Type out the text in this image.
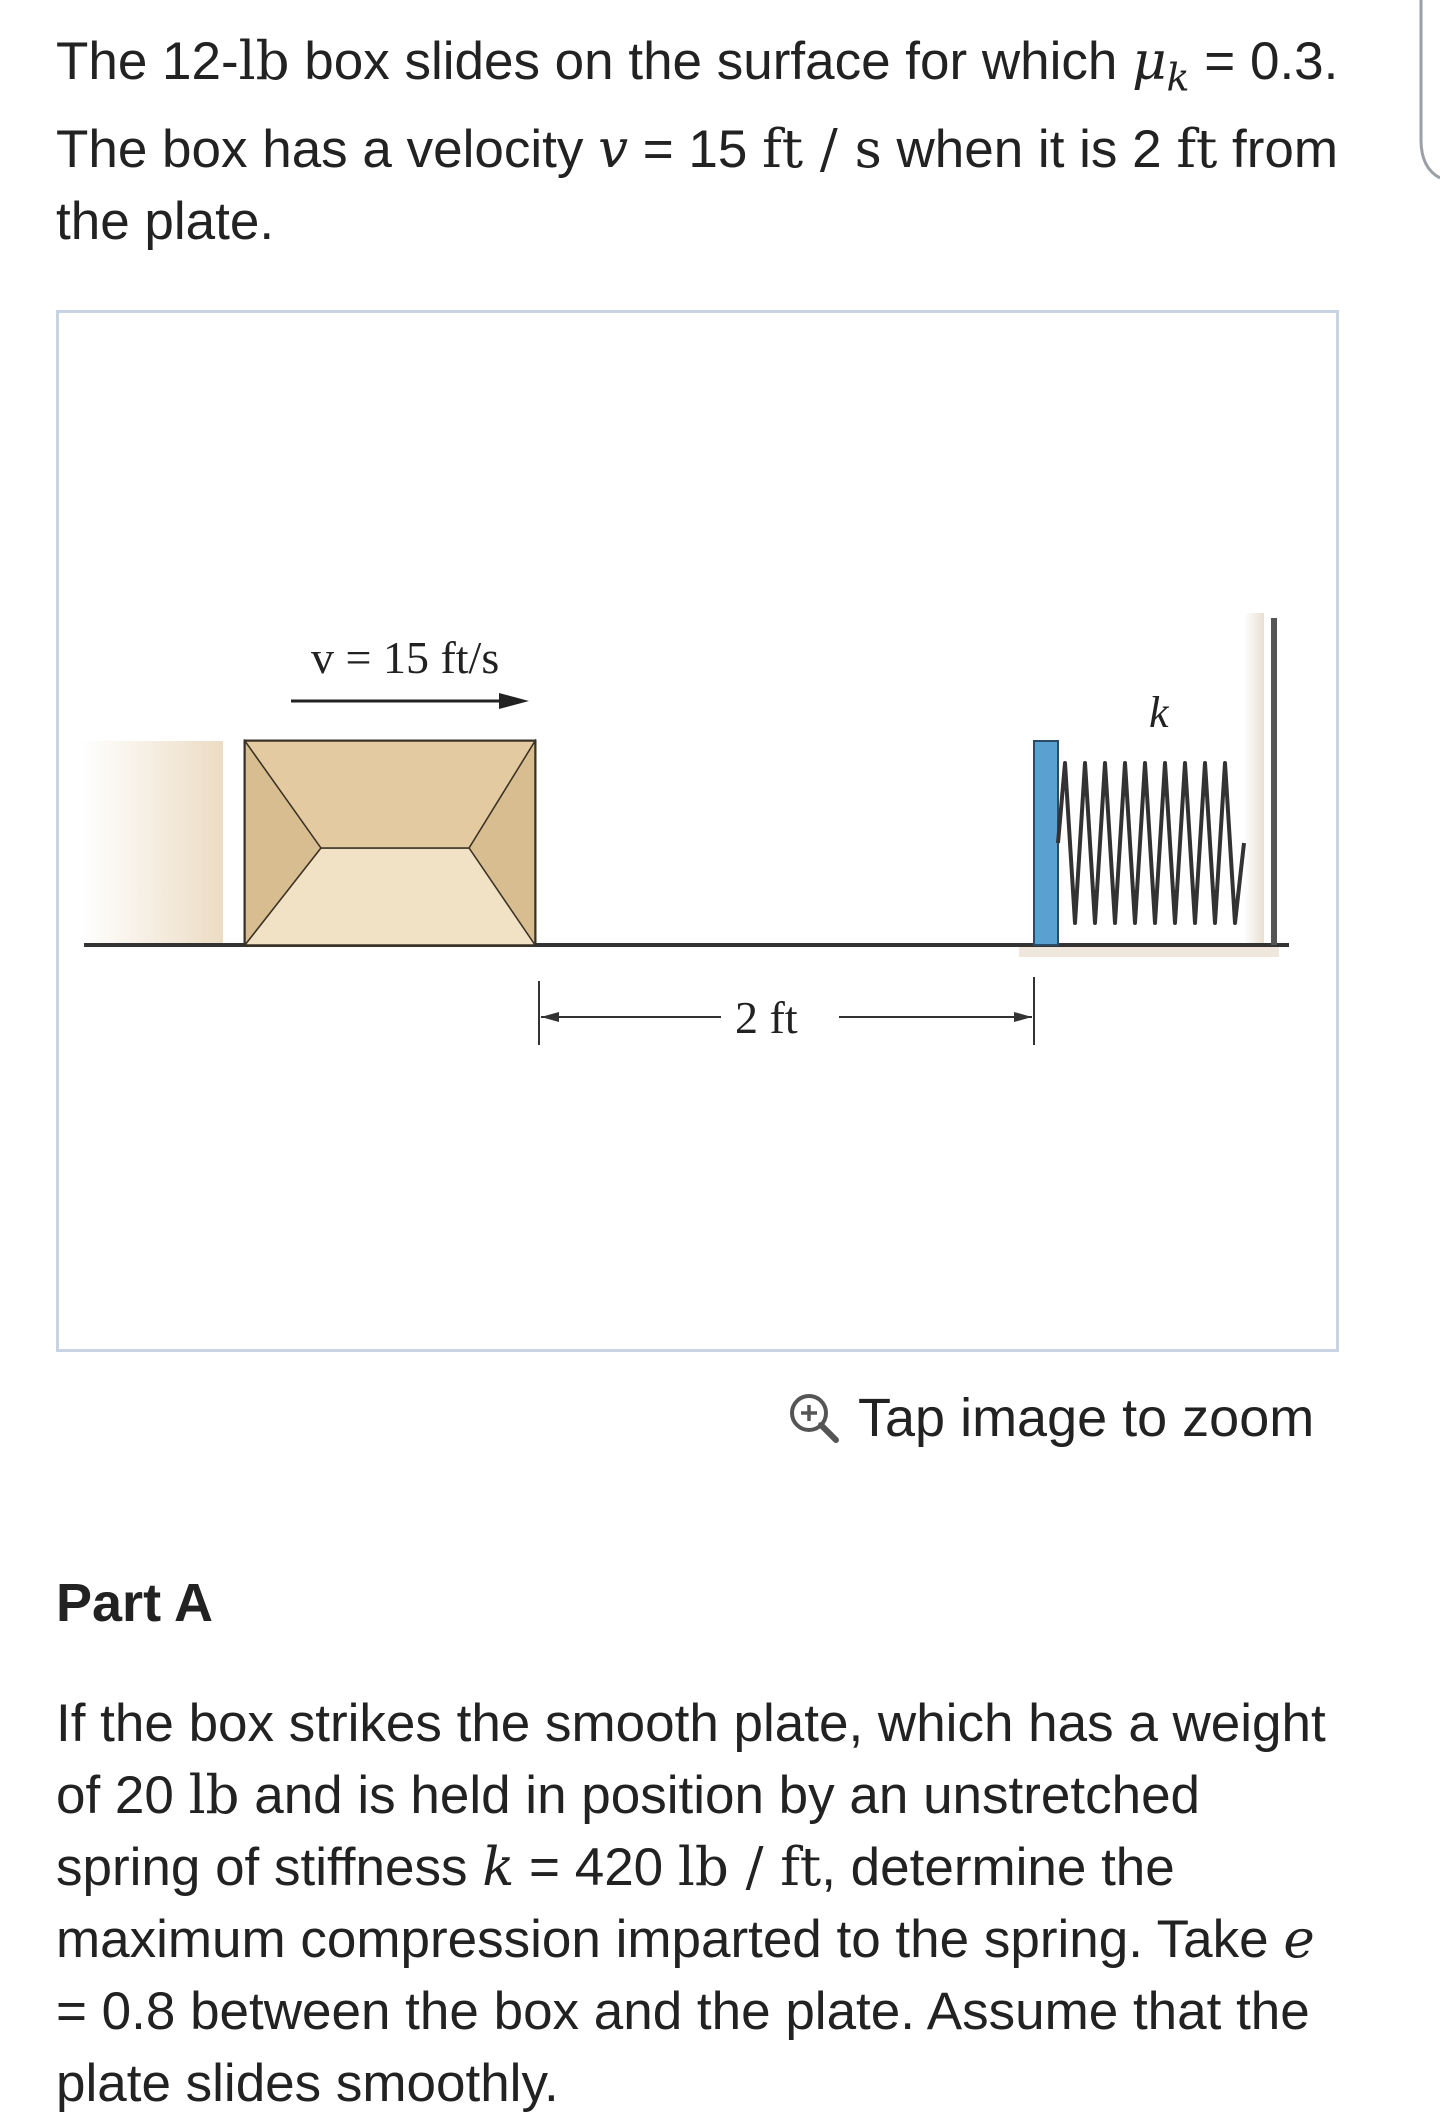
The 12-lb box slides on the surface for which $\mu_k = 0.3$. The box has a velocity v = 15 ft / s when it is 2 ft from the plate.
v = 15 ft/s
k
2 ft
Tap image to zoom
Part A
If the box strikes the smooth plate, which has a weight of 20 lb and is held in position by an unstretched spring of stiffness k = 420 lb / ft, determine the maximum compression imparted to the spring. Take e = 0.8 between the box and the plate. Assume that the plate slides smoothly.
